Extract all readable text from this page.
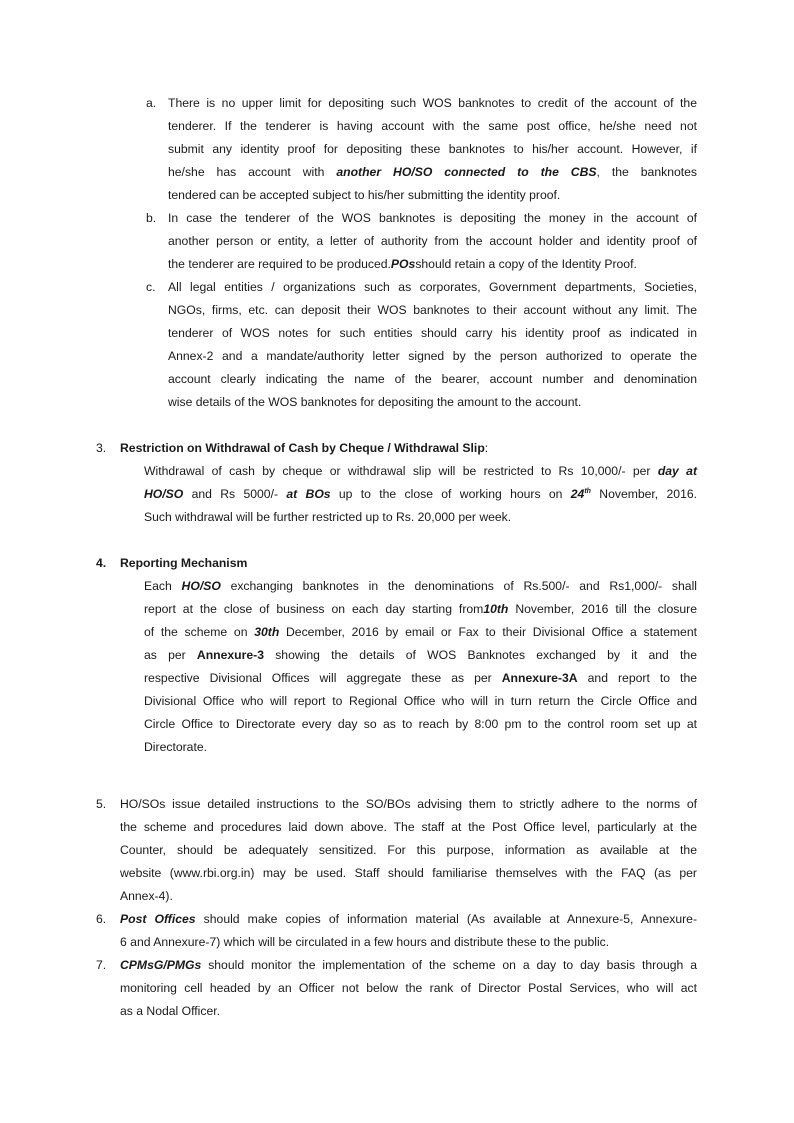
a. There is no upper limit for depositing such WOS banknotes to credit of the account of the
tenderer. If the tenderer is having account with the same post office, he/she need not
submit any identity proof for depositing these banknotes to his/her account. However, if
he/she has account with another HO/SO connected to the CBS, the banknotes
tendered can be accepted subject to his/her submitting the identity proof.
b. In case the tenderer of the WOS banknotes is depositing the money in the account of
another person or entity, a letter of authority from the account holder and identity proof of
the tenderer are required to be produced.POsshould retain a copy of the Identity Proof.
c. All legal entities / organizations such as corporates, Government departments, Societies,
NGOs, firms, etc. can deposit their WOS banknotes to their account without any limit. The
tenderer of WOS notes for such entities should carry his identity proof as indicated in
Annex-2 and a mandate/authority letter signed by the person authorized to operate the
account clearly indicating the name of the bearer, account number and denomination
wise details of the WOS banknotes for depositing the amount to the account.
3. Restriction on Withdrawal of Cash by Cheque / Withdrawal Slip:
Withdrawal of cash by cheque or withdrawal slip will be restricted to Rs 10,000/- per day at
HO/SO and Rs 5000/- at BOs up to the close of working hours on 24th November, 2016.
Such withdrawal will be further restricted up to Rs. 20,000 per week.
4. Reporting Mechanism
Each HO/SO exchanging banknotes in the denominations of Rs.500/- and Rs1,000/- shall
report at the close of business on each day starting from10th November, 2016 till the closure
of the scheme on 30th December, 2016 by email or Fax to their Divisional Office a statement
as per Annexure-3 showing the details of WOS Banknotes exchanged by it and the
respective Divisional Offices will aggregate these as per Annexure-3A and report to the
Divisional Office who will report to Regional Office who will in turn return the Circle Office and
Circle Office to Directorate every day so as to reach by 8:00 pm to the control room set up at
Directorate.
5. HO/SOs issue detailed instructions to the SO/BOs advising them to strictly adhere to the norms of
the scheme and procedures laid down above. The staff at the Post Office level, particularly at the
Counter, should be adequately sensitized. For this purpose, information as available at the
website (www.rbi.org.in) may be used. Staff should familiarise themselves with the FAQ (as per
Annex-4).
6. Post Offices should make copies of information material (As available at Annexure-5, Annexure-
6 and Annexure-7) which will be circulated in a few hours and distribute these to the public.
7. CPMsG/PMGs should monitor the implementation of the scheme on a day to day basis through a
monitoring cell headed by an Officer not below the rank of Director Postal Services, who will act
as a Nodal Officer.
